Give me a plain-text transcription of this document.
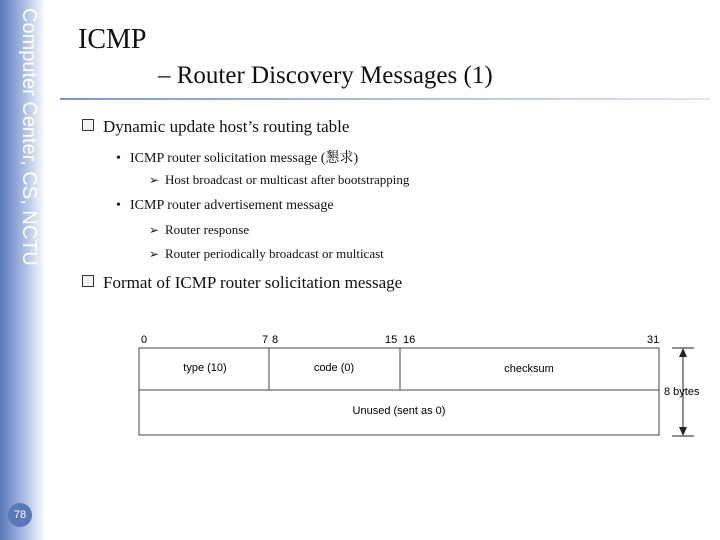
Computer Center, CS, NCTU
78
ICMP
– Router Discovery Messages (1)
Dynamic update host’s routing table
• ICMP router solicitation message (懇求)
➢ Host broadcast or multicast after bootstrapping
• ICMP router advertisement message
➢ Router response
➢ Router periodically broadcast or multicast
Format of ICMP router solicitation message
0	7 8	15 16	31
type (10)	code (0)	checksum
Unused (sent as 0)
8 bytes
